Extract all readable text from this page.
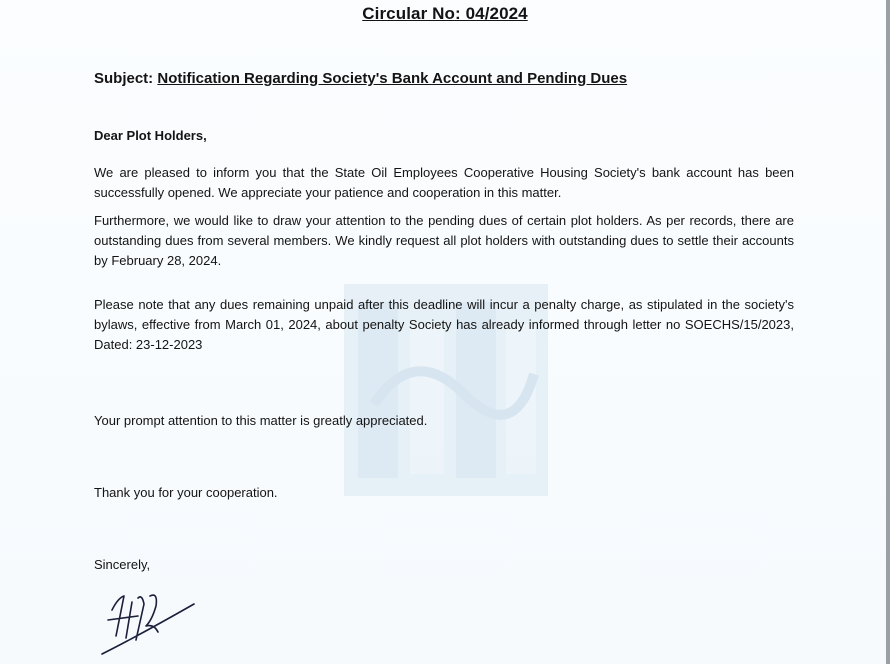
Circular No: 04/2024
Subject: Notification Regarding Society's Bank Account and Pending Dues
Dear Plot Holders,

We are pleased to inform you that the State Oil Employees Cooperative Housing Society's bank account has been successfully opened. We appreciate your patience and cooperation in this matter.

Furthermore, we would like to draw your attention to the pending dues of certain plot holders. As per records, there are outstanding dues from several members. We kindly request all plot holders with outstanding dues to settle their accounts by February 28, 2024.

Please note that any dues remaining unpaid after this deadline will incur a penalty charge, as stipulated in the society's bylaws, effective from March 01, 2024, about penalty Society has already informed through letter no SOECHS/15/2023, Dated: 23-12-2023

Your prompt attention to this matter is greatly appreciated.
Thank you for your cooperation.
Sincerely,
